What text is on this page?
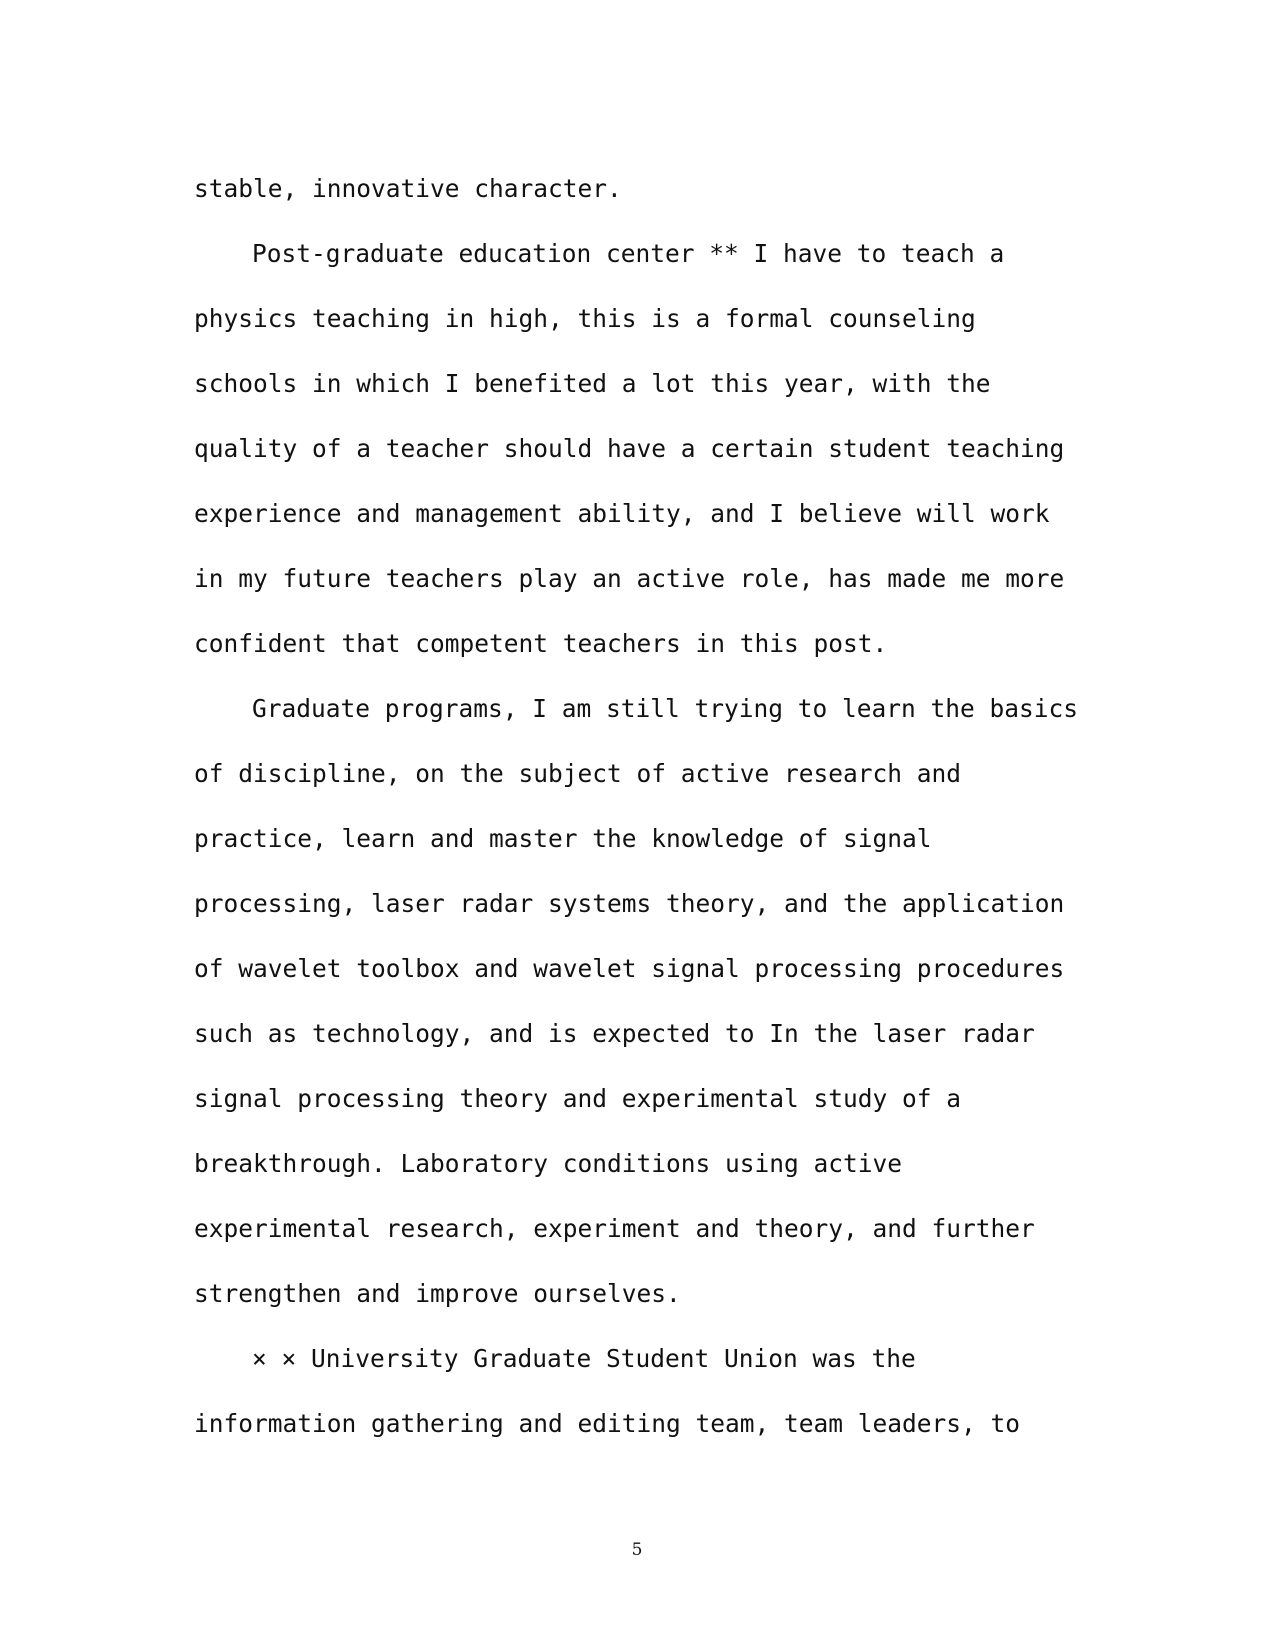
stable, innovative character.
Post-graduate education center ** I have to teach a
physics teaching in high, this is a formal counseling
schools in which I benefited a lot this year, with the
quality of a teacher should have a certain student teaching
experience and management ability, and I believe will work
in my future teachers play an active role, has made me more
confident that competent teachers in this post.
Graduate programs, I am still trying to learn the basics
of discipline, on the subject of active research and
practice, learn and master the knowledge of signal
processing, laser radar systems theory, and the application
of wavelet toolbox and wavelet signal processing procedures
such as technology, and is expected to In the laser radar
signal processing theory and experimental study of a
breakthrough. Laboratory conditions using active
experimental research, experiment and theory, and further
strengthen and improve ourselves.
× × University Graduate Student Union was the
information gathering and editing team, team leaders, to
5
